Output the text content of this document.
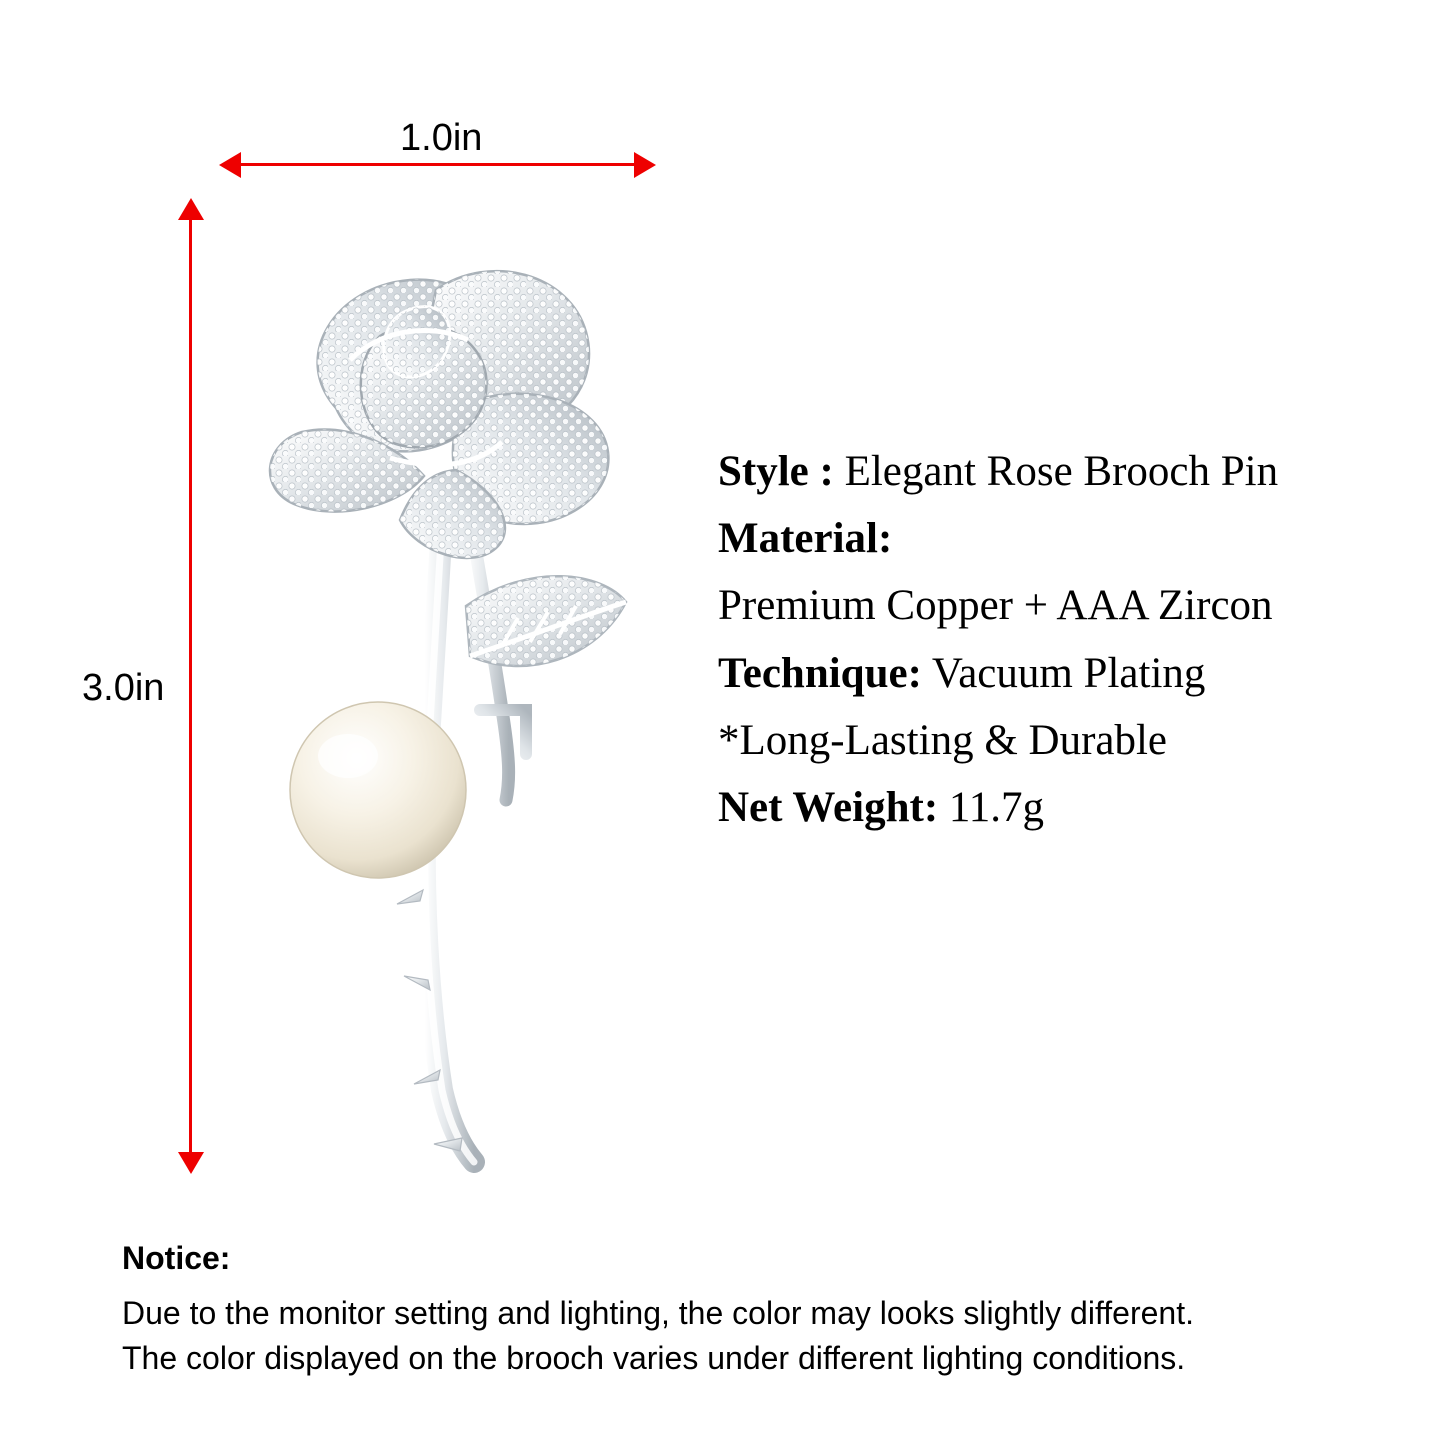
1.0in
3.0in

Style : Elegant Rose Brooch Pin

Material:

Premium Copper + AAA Zircon

Technique: Vacuum Plating

*Long-Lasting & Durable

Net Weight: 11.7g

Notice:

Due to the monitor setting and lighting, the color may looks slightly different.

The color displayed on the brooch varies under different lighting conditions.
